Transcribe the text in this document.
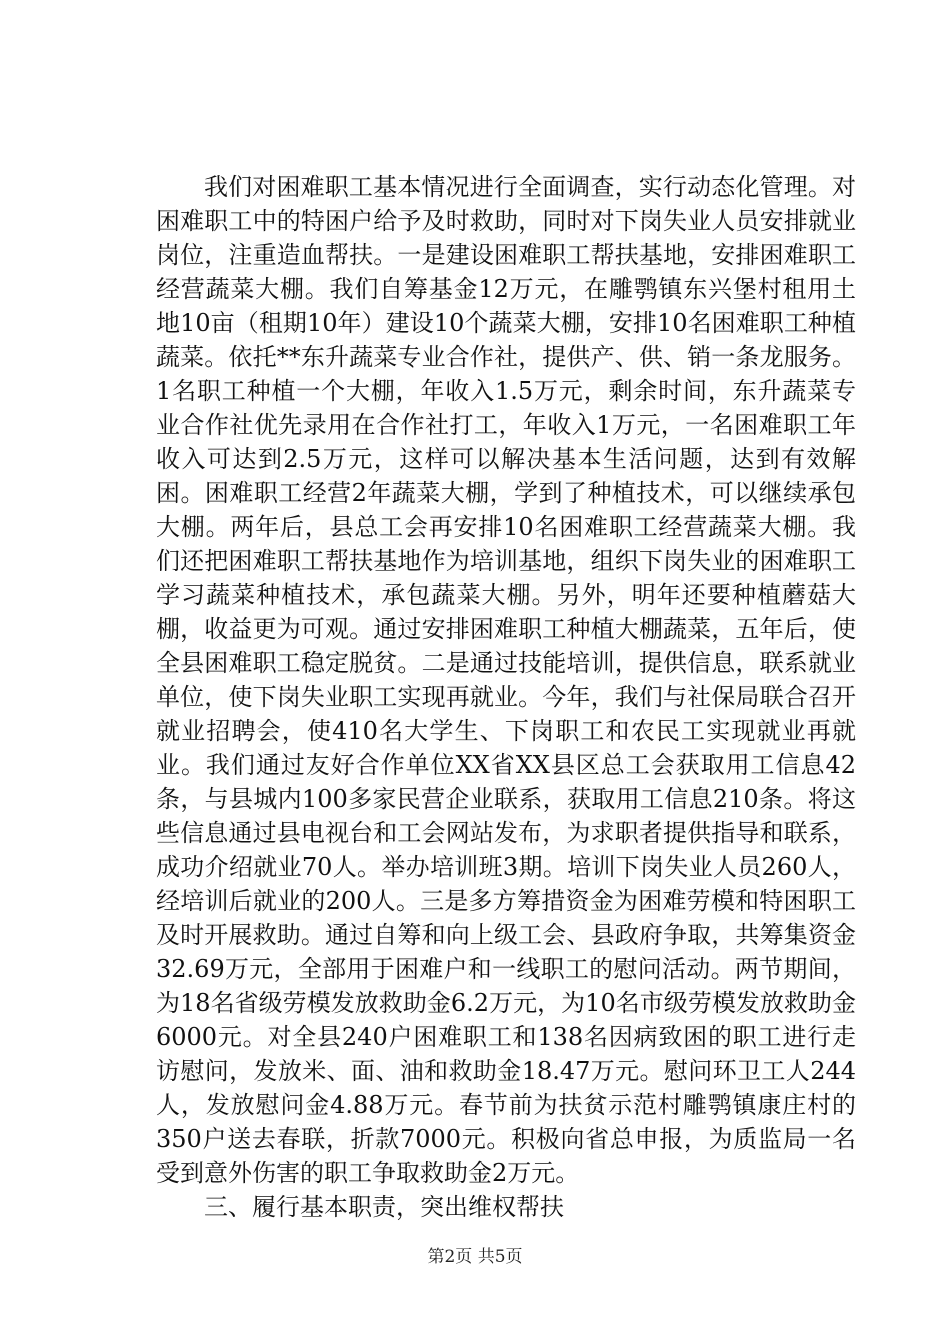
我们对困难职工基本情况进行全面调查，实行动态化管理。对困难职工中的特困户给予及时救助，同时对下岗失业人员安排就业岗位，注重造血帮扶。一是建设困难职工帮扶基地，安排困难职工经营蔬菜大棚。我们自筹基金12万元，在雕鹗镇东兴堡村租用土地10亩（租期10年）建设10个蔬菜大棚，安排10名困难职工种植蔬菜。依托**东升蔬菜专业合作社，提供产、供、销一条龙服务。1名职工种植一个大棚，年收入1.5万元，剩余时间，东升蔬菜专业合作社优先录用在合作社打工，年收入1万元，一名困难职工年收入可达到2.5万元，这样可以解决基本生活问题，达到有效解困。困难职工经营2年蔬菜大棚，学到了种植技术，可以继续承包大棚。两年后，县总工会再安排10名困难职工经营蔬菜大棚。我们还把困难职工帮扶基地作为培训基地，组织下岗失业的困难职工学习蔬菜种植技术，承包蔬菜大棚。另外，明年还要种植蘑菇大棚，收益更为可观。通过安排困难职工种植大棚蔬菜，五年后，使全县困难职工稳定脱贫。二是通过技能培训，提供信息，联系就业单位，使下岗失业职工实现再就业。今年，我们与社保局联合召开就业招聘会，使410名大学生、下岗职工和农民工实现就业再就业。我们通过友好合作单位XX省XX县区总工会获取用工信息42条，与县城内100多家民营企业联系，获取用工信息210条。将这些信息通过县电视台和工会网站发布，为求职者提供指导和联系，成功介绍就业70人。举办培训班3期。培训下岗失业人员260人，经培训后就业的200人。三是多方筹措资金为困难劳模和特困职工及时开展救助。通过自筹和向上级工会、县政府争取，共筹集资金32.69万元，全部用于困难户和一线职工的慰问活动。两节期间，为18名省级劳模发放救助金6.2万元，为10名市级劳模发放救助金6000元。对全县240户困难职工和138名因病致困的职工进行走访慰问，发放米、面、油和救助金18.47万元。慰问环卫工人244人，发放慰问金4.88万元。春节前为扶贫示范村雕鹗镇康庄村的350户送去春联，折款7000元。积极向省总申报，为质监局一名受到意外伤害的职工争取救助金2万元。

三、履行基本职责，突出维权帮扶

第2页 共5页
